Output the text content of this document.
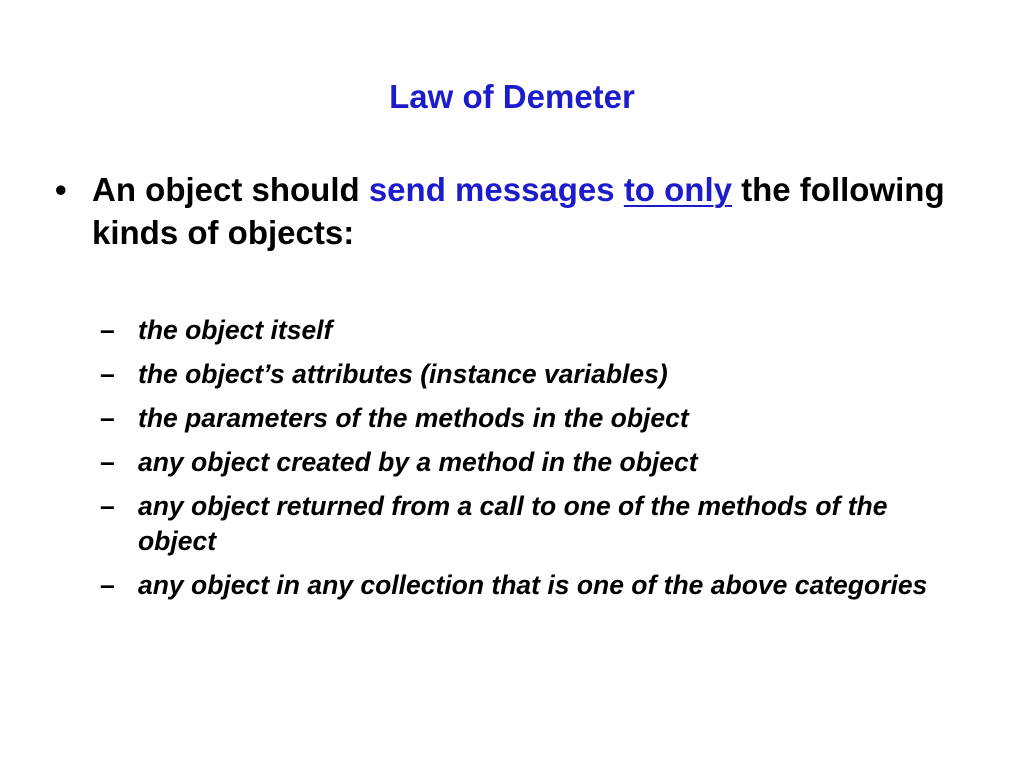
Law of Demeter
• An object should send messages to only the following kinds of objects:
– the object itself
– the object’s attributes (instance variables)
– the parameters of the methods in the object
– any object created by a method in the object
– any object returned from a call to one of the methods of the object
– any object in any collection that is one of the above categories
